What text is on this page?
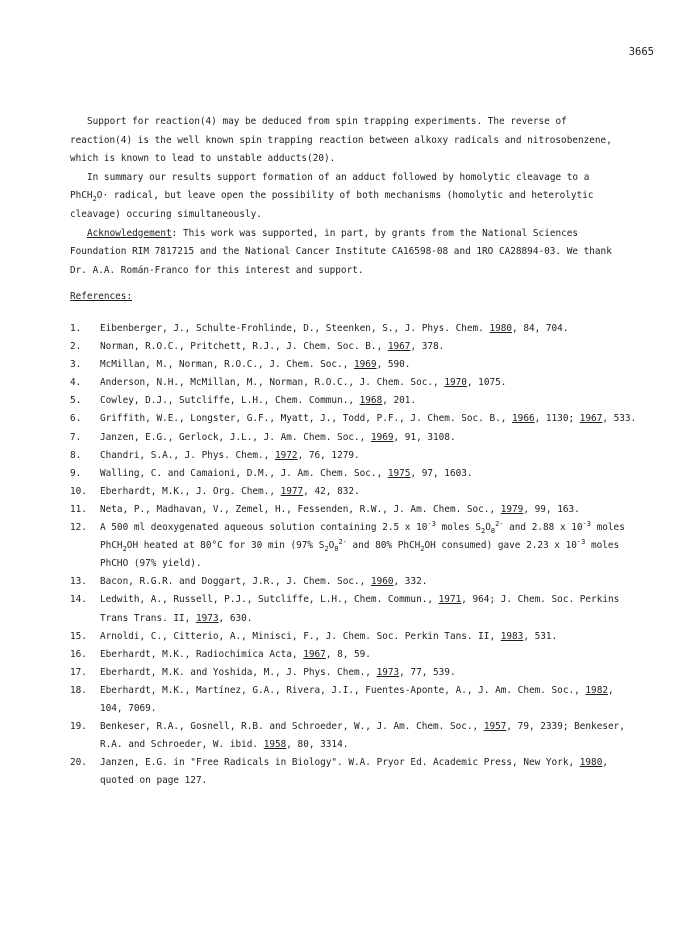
3665

Support for reaction(4) may be deduced from spin trapping experiments. The reverse of reaction(4) is the well known spin trapping reaction between alkoxy radicals and nitrosobenzene, which is known to lead to unstable adducts(20).

In summary our results support formation of an adduct followed by homolytic cleavage to a PhCH$_2$O· radical, but leave open the possibility of both mechanisms (homolytic and heterolytic cleavage) occuring simultaneously.

Acknowledgement: This work was supported, in part, by grants from the National Sciences Foundation RIM 7817215 and the National Cancer Institute CA16598-08 and 1RO CA28894-03. We thank Dr. A.A. Román-Franco for this interest and support.

References:
1.	Eibenberger, J., Schulte-Frohlinde, D., Steenken, S., J. Phys. Chem. 1980, 84, 704.
2.	Norman, R.O.C., Pritchett, R.J., J. Chem. Soc. B., 1967, 378.
3.	McMillan, M., Norman, R.O.C., J. Chem. Soc., 1969, 590.
4.	Anderson, N.H., McMillan, M., Norman, R.O.C., J. Chem. Soc., 1970, 1075.
5.	Cowley, D.J., Sutcliffe, L.H., Chem. Commun., 1968, 201.
6.	Griffith, W.E., Longster, G.F., Myatt, J., Todd, P.F., J. Chem. Soc. B., 1966, 1130; 1967, 533.
7.	Janzen, E.G., Gerlock, J.L., J. Am. Chem. Soc., 1969, 91, 3108.
8.	Chandri, S.A., J. Phys. Chem., 1972, 76, 1279.
9.	Walling, C. and Camaioni, D.M., J. Am. Chem. Soc., 1975, 97, 1603.
10.	Eberhardt, M.K., J. Org. Chem., 1977, 42, 832.
11.	Neta, P., Madhavan, V., Zemel, H., Fessenden, R.W., J. Am. Chem. Soc., 1979, 99, 163.
12.	A 500 ml deoxygenated aqueous solution containing 2.5 x $10^{-3}$ moles $S_2O_8^{2-}$ and 2.88 x $10^{-3}$ moles PhCH$_2$OH heated at 80°C for 30 min (97% $S_2O_8^{2-}$ and 80% PhCH$_2$OH consumed) gave 2.23 x $10^{-3}$ moles PhCHO (97% yield).
13.	Bacon, R.G.R. and Doggart, J.R., J. Chem. Soc., 1960, 332.
14.	Ledwith, A., Russell, P.J., Sutcliffe, L.H., Chem. Commun., 1971, 964; J. Chem. Soc. Perkins Trans Trans. II, 1973, 630.
15.	Arnoldi, C., Citterio, A., Minisci, F., J. Chem. Soc. Perkin Tans. II, 1983, 531.
16.	Eberhardt, M.K., Radiochimica Acta, 1967, 8, 59.
17.	Eberhardt, M.K. and Yoshida, M., J. Phys. Chem., 1973, 77, 539.
18.	Eberhardt, M.K., Martínez, G.A., Rivera, J.I., Fuentes-Aponte, A., J. Am. Chem. Soc., 1982, 104, 7069.
19.	Benkeser, R.A., Gosnell, R.B. and Schroeder, W., J. Am. Chem. Soc., 1957, 79, 2339; Benkeser, R.A. and Schroeder, W. ibid. 1958, 80, 3314.
20.	Janzen, E.G. in "Free Radicals in Biology". W.A. Pryor Ed. Academic Press, New York, 1980, quoted on page 127.
